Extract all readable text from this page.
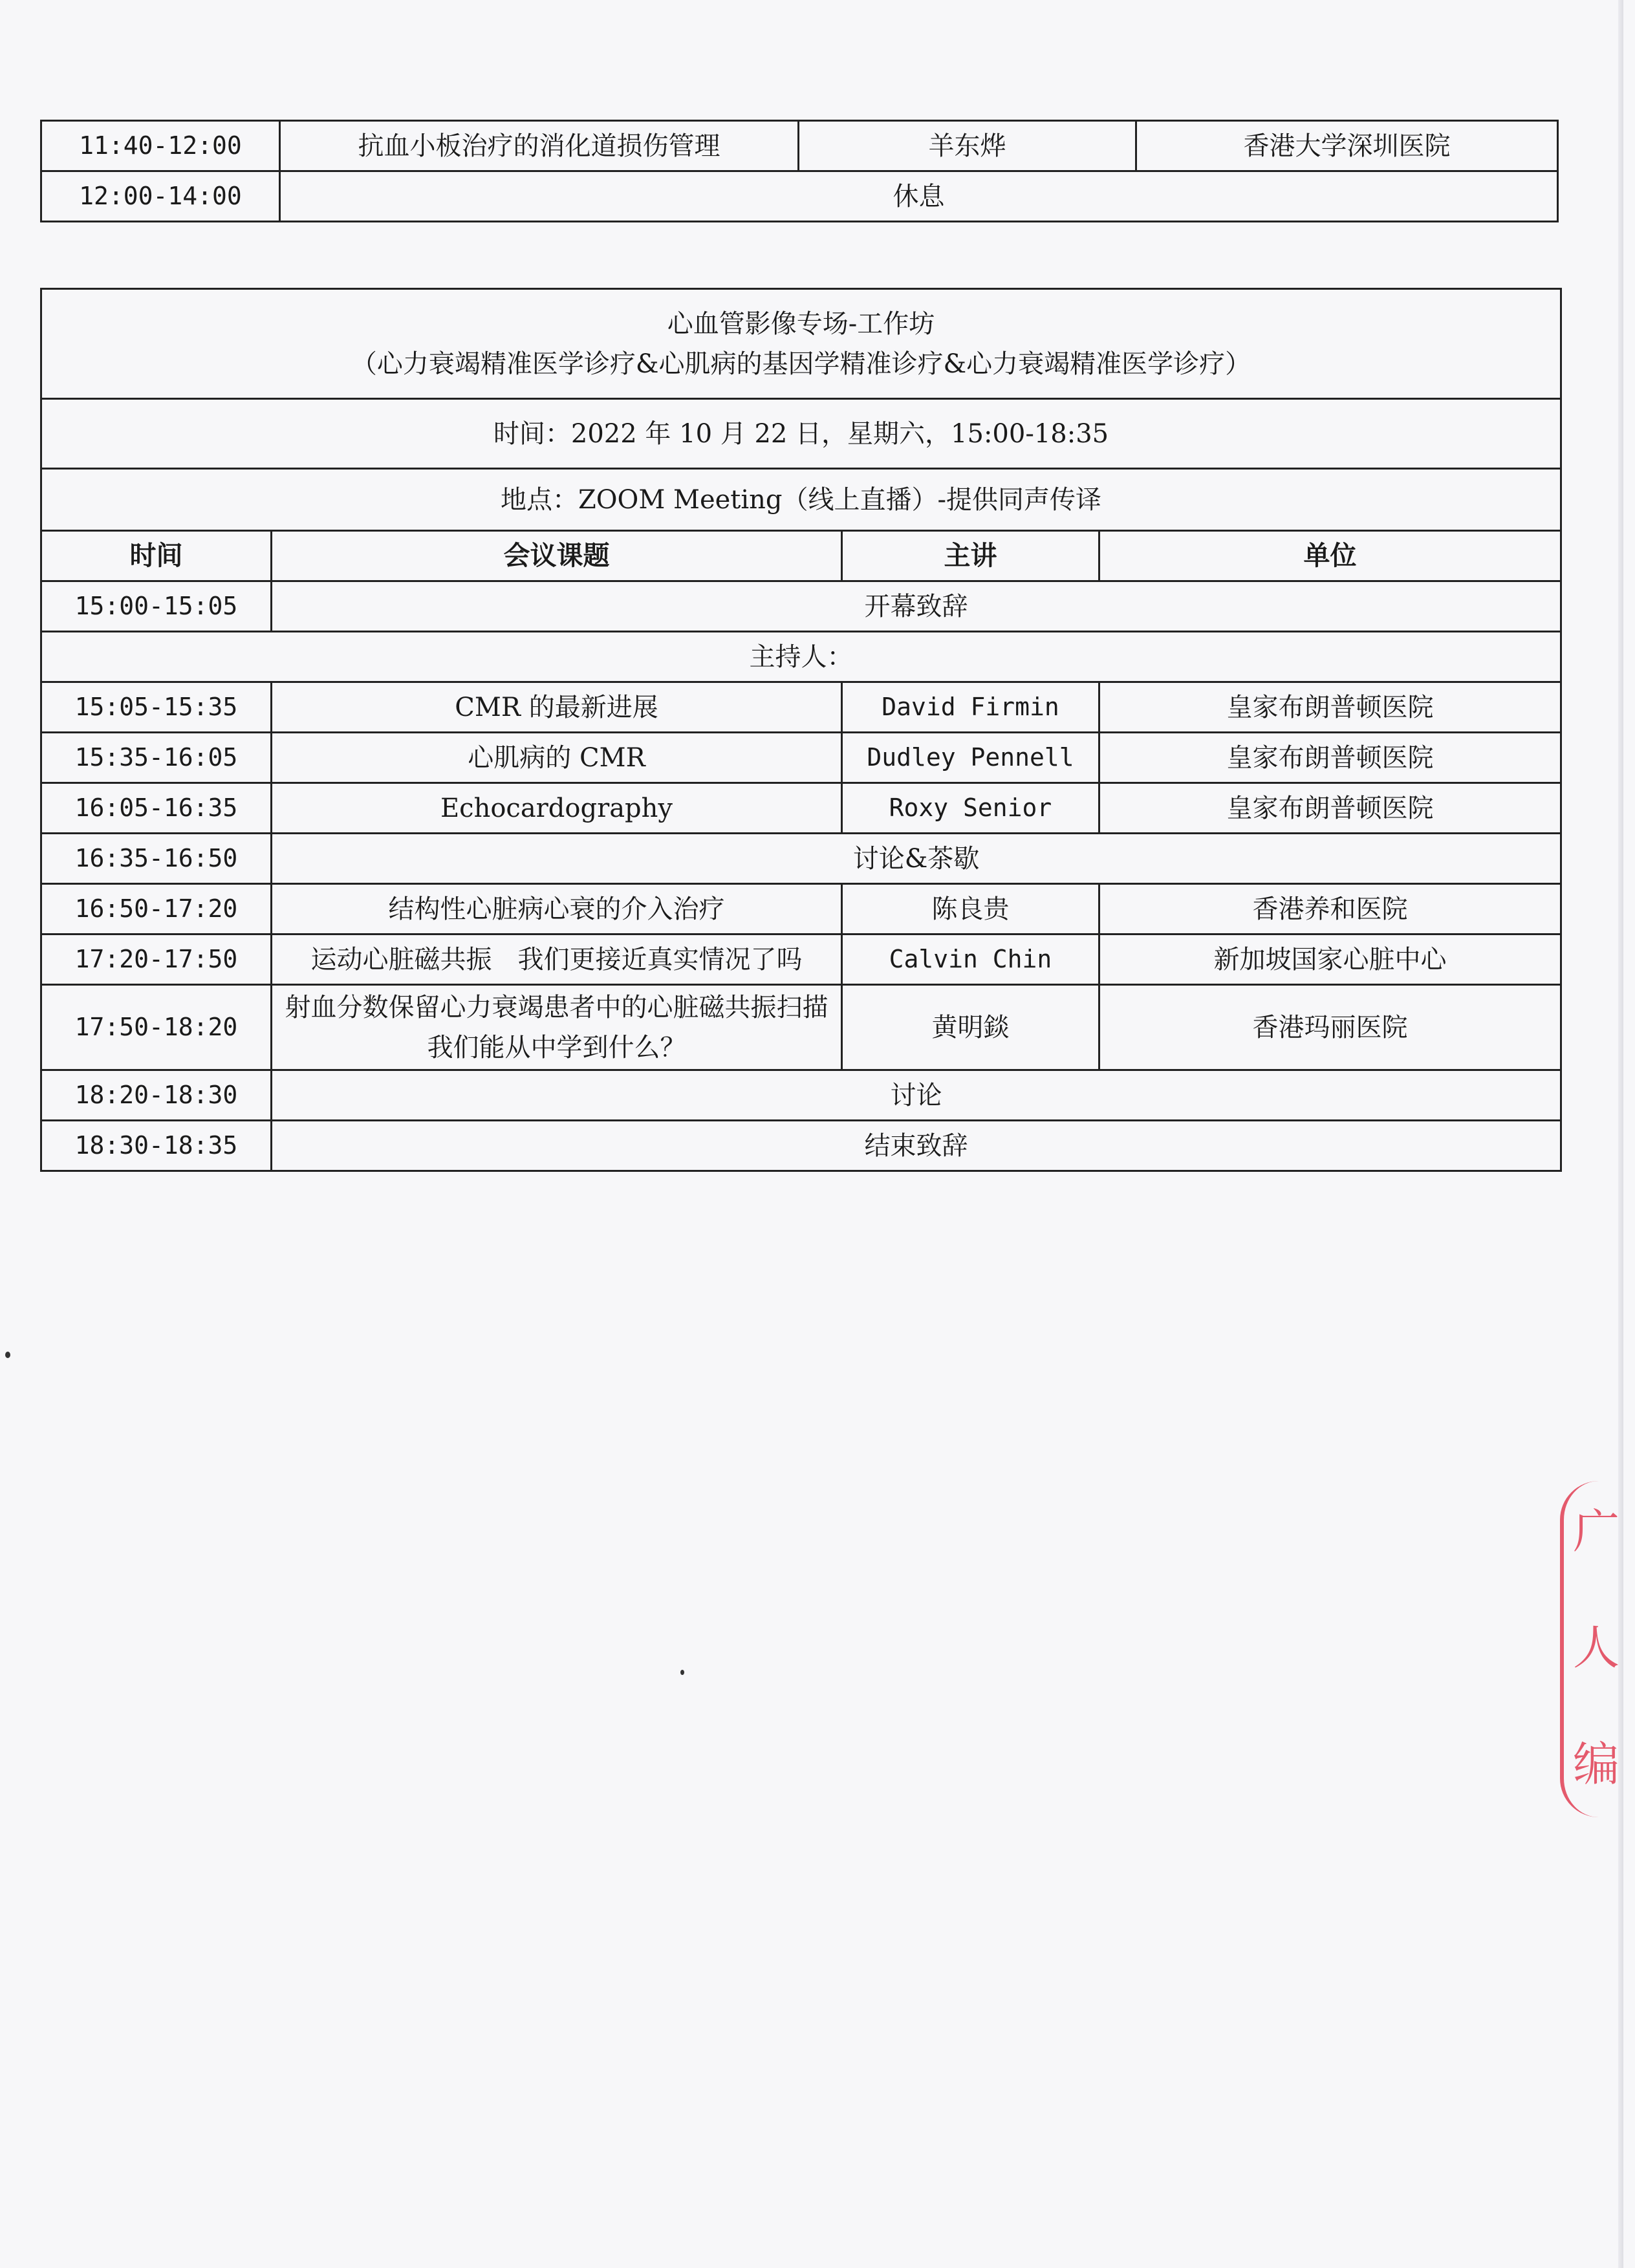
11:40-12:00	抗血小板治疗的消化道损伤管理	羊东烨	香港大学深圳医院
12:00-14:00	休息		
心血管影像专场-工作坊
（心力衰竭精准医学诊疗&心肌病的基因学精准诊疗&心力衰竭精准医学诊疗）			

时间：2022 年 10 月 22 日，星期六，15:00-18:35			
地点：ZOOM Meeting（线上直播）-提供同声传译			
时间	会议课题	主讲	单位
15:00-15:05	开幕致辞		
主持人：			
15:05-15:35	CMR 的最新进展	David Firmin	皇家布朗普顿医院
15:35-16:05	心肌病的 CMR	Dudley Pennell	皇家布朗普顿医院
16:05-16:35	Echocardography	Roxy Senior	皇家布朗普顿医院
16:35-16:50	讨论&茶歇		
16:50-17:20	结构性心脏病心衰的介入治疗	陈良贵	香港养和医院
17:20-17:50	运动心脏磁共振　我们更接近真实情况了吗	Calvin Chin	新加坡国家心脏中心
17:50-18:20	射血分数保留心力衰竭患者中的心脏磁共振扫描　我们能从中学到什么？	黄明錟	香港玛丽医院
18:20-18:30	讨论		
18:30-18:35	结束致辞		
广
人
编
